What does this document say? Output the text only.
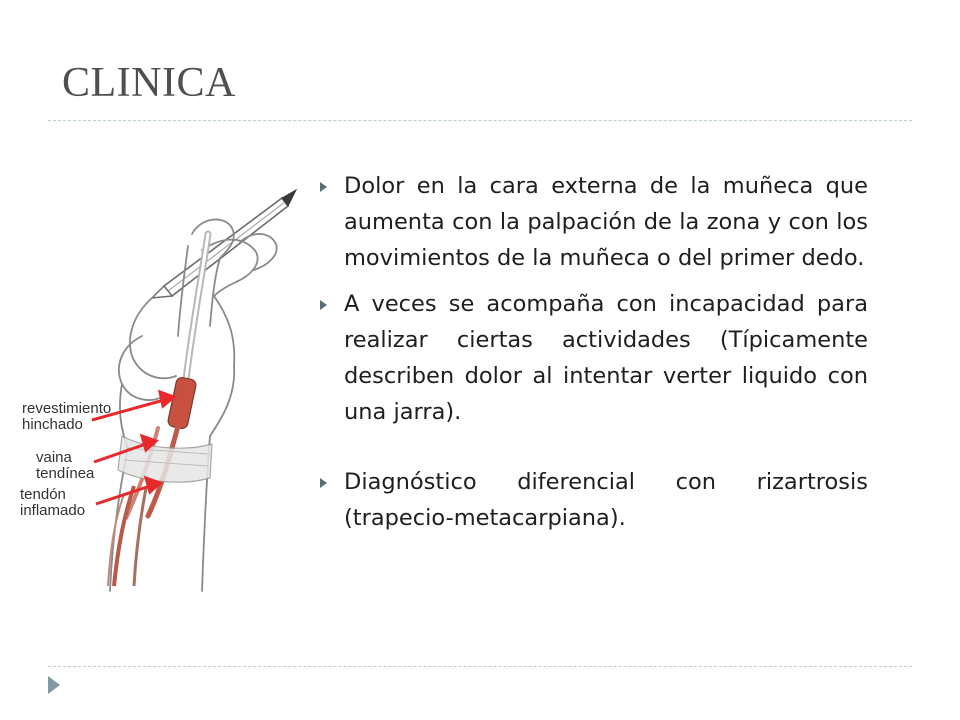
CLINICA
revestimiento
hinchado
vaina
tendínea
tendón
inflamado
Dolor en la cara externa de la muñeca que aumenta con la palpación de la zona y con los movimientos de la muñeca o del primer dedo.
A veces se acompaña con incapacidad para realizar ciertas actividades (Típicamente describen dolor al intentar verter liquido con una jarra).
Diagnóstico diferencial con rizartrosis (trapecio-metacarpiana).
